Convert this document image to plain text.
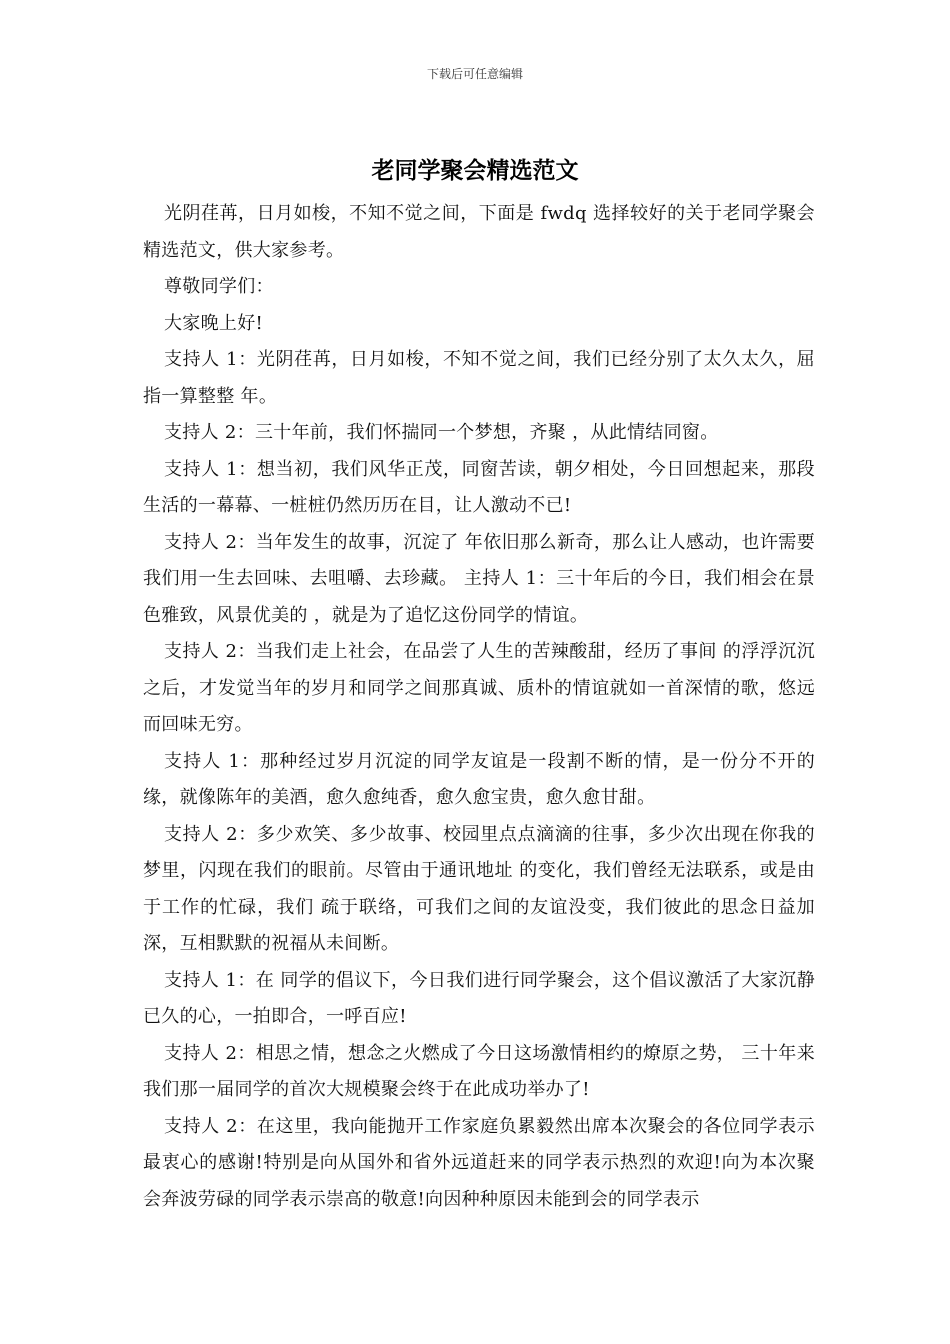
下载后可任意编辑
老同学聚会精选范文

光阴荏苒，日月如梭，不知不觉之间，下面是 fwdq 选择较好的关于老同学聚会精选范文，供大家参考。

尊敬同学们：

大家晚上好!

支持人 1：光阴荏苒，日月如梭，不知不觉之间，我们已经分别了太久太久，屈指一算整整 年。

支持人 2：三十年前，我们怀揣同一个梦想，齐聚 ，从此情结同窗。

支持人 1：想当初，我们风华正茂，同窗苦读，朝夕相处，今日回想起来，那段生活的一幕幕、一桩桩仍然历历在目，让人激动不已!

支持人 2：当年发生的故事，沉淀了 年依旧那么新奇，那么让人感动，也许需要我们用一生去回味、去咀嚼、去珍藏。 主持人 1：三十年后的今日，我们相会在景色雅致，风景优美的 ，就是为了追忆这份同学的情谊。

支持人 2：当我们走上社会，在品尝了人生的苦辣酸甜，经历了事间 的浮浮沉沉之后，才发觉当年的岁月和同学之间那真诚、质朴的情谊就如一首深情的歌，悠远而回味无穷。

支持人 1：那种经过岁月沉淀的同学友谊是一段割不断的情，是一份分不开的缘，就像陈年的美酒，愈久愈纯香，愈久愈宝贵，愈久愈甘甜。

支持人 2：多少欢笑、多少故事、校园里点点滴滴的往事，多少次出现在你我的梦里，闪现在我们的眼前。尽管由于通讯地址 的变化，我们曾经无法联系，或是由于工作的忙碌，我们 疏于联络，可我们之间的友谊没变，我们彼此的思念日益加深，互相默默的祝福从未间断。

支持人 1：在 同学的倡议下，今日我们进行同学聚会，这个倡议激活了大家沉静已久的心，一拍即合，一呼百应!

支持人 2：相思之情，想念之火燃成了今日这场激情相约的燎原之势， 三十年来我们那一届同学的首次大规模聚会终于在此成功举办了!

支持人 2：在这里，我向能抛开工作家庭负累毅然出席本次聚会的各位同学表示最衷心的感谢!特别是向从国外和省外远道赶来的同学表示热烈的欢迎!向为本次聚会奔波劳碌的同学表示崇高的敬意!向因种种原因未能到会的同学表示
